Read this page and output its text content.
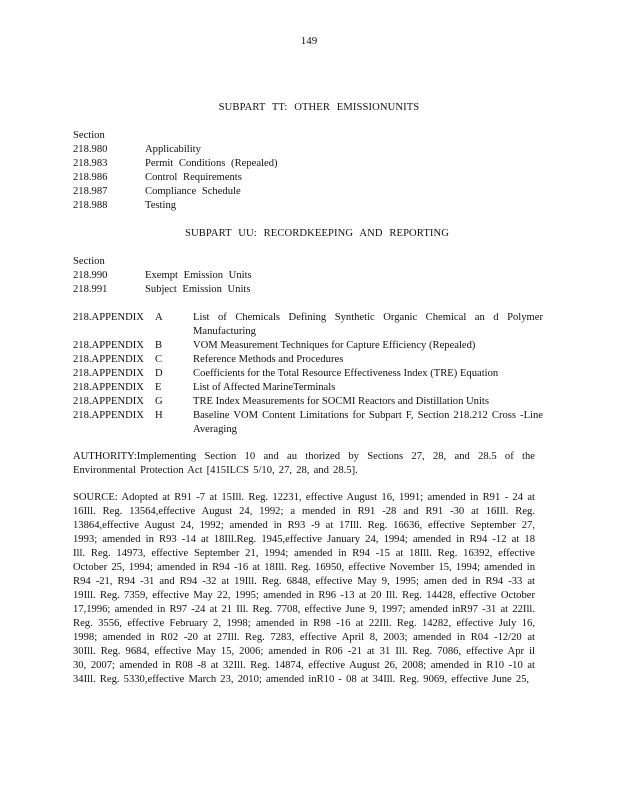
149
SUBPART TT: OTHER EMISSIONUNITS
Section
218.980	Applicability
218.983	Permit Conditions (Repealed)
218.986	Control Requirements
218.987	Compliance Schedule
218.988	Testing
SUBPART UU: RECORDKEEPING AND REPORTING
Section
218.990	Exempt Emission Units
218.991	Subject Emission Units
218.APPENDIX	A	List of Chemicals Defining Synthetic Organic Chemical an d Polymer Manufacturing
218.APPENDIX	B	VOM Measurement Techniques for Capture Efficiency (Repealed)
218.APPENDIX	C	Reference Methods and Procedures
218.APPENDIX	D	Coefficients for the Total Resource Effectiveness Index (TRE) Equation
218.APPENDIX	E	List of Affected MarineTerminals
218.APPENDIX	G	TRE Index Measurements for SOCMI Reactors and Distillation Units
218.APPENDIX	H	Baseline VOM Content Limitations for Subpart F, Section 218.212 Cross -Line Averaging
AUTHORITY:Implementing Section 10 and au thorized by Sections 27, 28, and 28.5 of the Environmental Protection Act [415ILCS 5/10, 27, 28, and 28.5].
SOURCE: Adopted at R91 -7 at 15Ill. Reg. 12231, effective August 16, 1991; amended in R91 - 24 at 16Ill. Reg. 13564,effective August 24, 1992; a mended in R91 -28 and R91 -30 at 16Ill. Reg. 13864,effective August 24, 1992; amended in R93 -9 at 17Ill. Reg. 16636, effective September 27, 1993; amended in R93 -14 at 18Ill.Reg. 1945,effective January 24, 1994; amended in R94 -12 at 18 Ill. Reg. 14973, effective September 21, 1994; amended in R94 -15 at 18Ill. Reg. 16392, effective October 25, 1994; amended in R94 -16 at 18Ill. Reg. 16950, effective November 15, 1994; amended in R94 -21, R94 -31 and R94 -32 at 19Ill. Reg. 6848, effective May 9, 1995; amen ded in R94 -33 at 19Ill. Reg. 7359, effective May 22, 1995; amended in R96 -13 at 20 Ill. Reg. 14428, effective October 17,1996; amended in R97 -24 at 21 Ill. Reg. 7708, effective June 9, 1997; amended inR97 -31 at 22Ill. Reg. 3556, effective February 2, 1998; amended in R98 -16 at 22Ill. Reg. 14282, effective July 16, 1998; amended in R02 -20 at 27Ill. Reg. 7283, effective April 8, 2003; amended in R04 -12/20 at 30Ill. Reg. 9684, effective May 15, 2006; amended in R06 -21 at 31 Ill. Reg. 7086, effective Apr il 30, 2007; amended in R08 -8 at 32Ill. Reg. 14874, effective August 26, 2008; amended in R10 -10 at 34Ill. Reg. 5330,effective March 23, 2010; amended inR10 - 08 at 34Ill. Reg. 9069, effective June 25,
